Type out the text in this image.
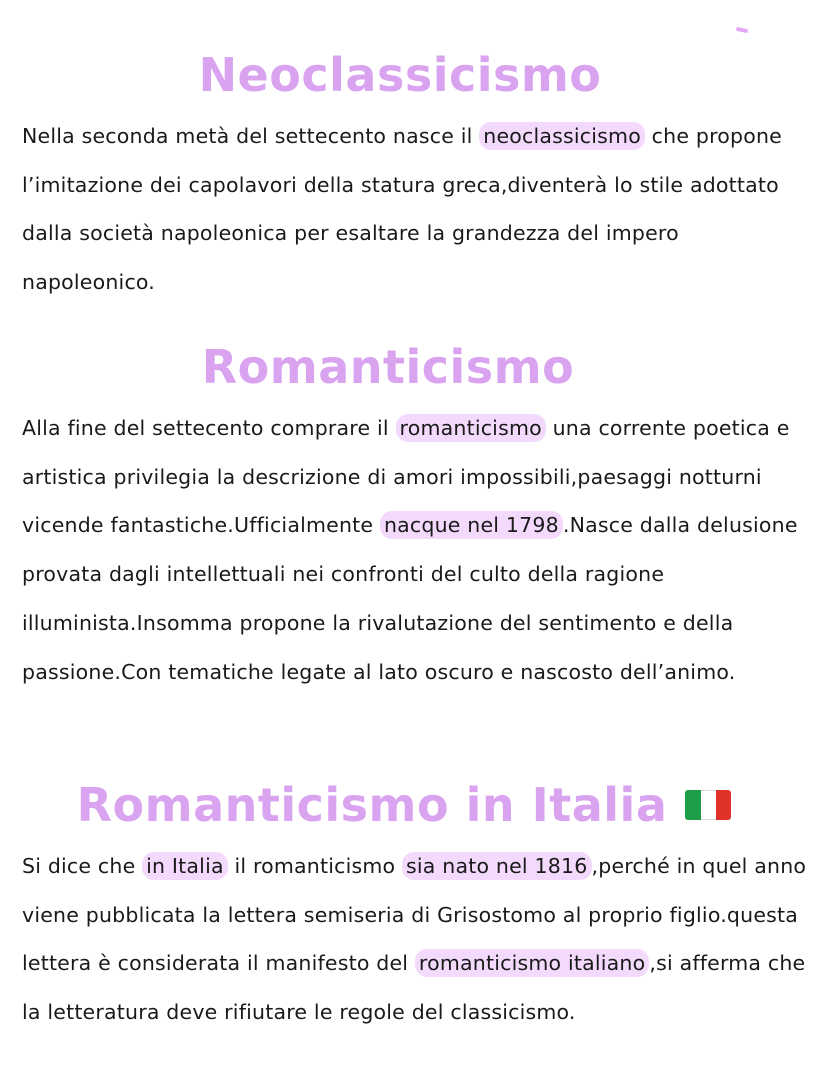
Neoclassicismo

Nella seconda metà del settecento nasce il neoclassicismo che propone l’imitazione dei capolavori della statura greca,diventerà lo stile adottato dalla società napoleonica per esaltare la grandezza del impero napoleonico.

Romanticismo

Alla fine del settecento comprare il romanticismo una corrente poetica e artistica privilegia la descrizione di amori impossibili,paesaggi notturni vicende fantastiche.Ufficialmente nacque nel 1798 .Nasce dalla delusione provata dagli intellettuali nei confronti del culto della ragione illuminista.Insomma propone la rivalutazione del sentimento e della passione.Con tematiche legate al lato oscuro e nascosto dell’animo.

Romanticismo in Italia

Si dice che in Italia il romanticismo sia nato nel 1816 ,perché in quel anno viene pubblicata la lettera semiseria di Grisostomo al proprio figlio.questa lettera è considerata il manifesto del romanticismo italiano ,si afferma che la letteratura deve rifiutare le regole del classicismo.
